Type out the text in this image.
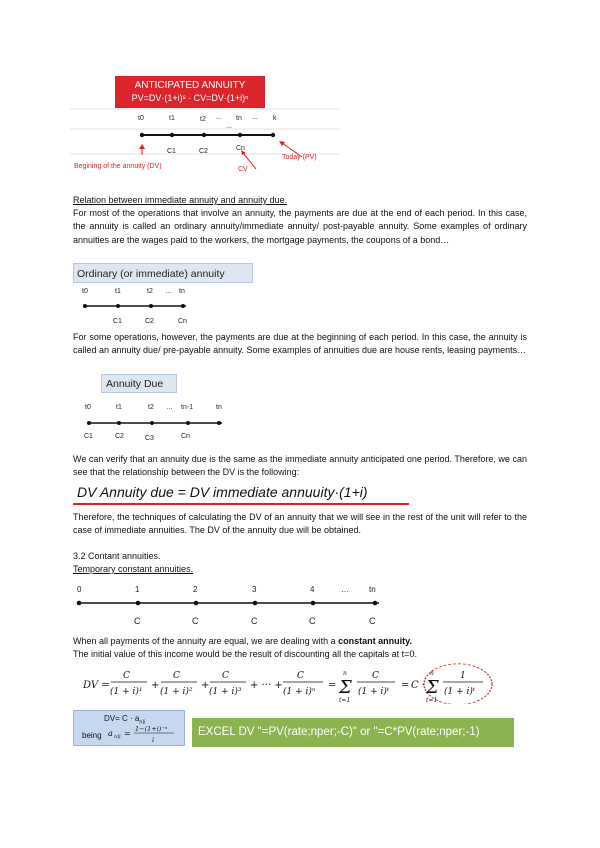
ANTICIPATED ANNUITY
PV=DV·(1+i)ˢ · CV=DV·(1+i)ⁿ
t0	t1	t2 ... tn ... k
...
C1	C2	Cn
Today (PV)
Begining of the annuity (DV)	CV
Relation between immediate annuity and annuity due.
For most of the operations that involve an annuity, the payments are due at the end of each period. In this case, the annuity is called an ordinary annuity/immediate annuity/ post-payable annuity. Some examples of ordinary annuities are the wages paid to the workers, the mortgage payments, the coupons of a bond…
Ordinary (or immediate) annuity
t0	t1	t2 … tn
C1	C2	Cn
For some operations, however, the payments are due at the beginning of each period. In this case, the annuity is called an annuity due/ pre-payable annuity. Some examples of annuities due are house rents, leasing payments…
Annuity Due
t0	t1	t2 … tn-1	tn
C1	C2	C3	Cn
We can verify that an annuity due is the same as the immediate annuity anticipated one period. Therefore, we can see that the relationship between the DV is the following:
DV Annuity due = DV immediate annuuity·(1+i)
Therefore, the techniques of calculating the DV of an annuity that we will see in the rest of the unit will refer to the case of immediate annuities. The DV of the annuity due will be obtained.
3.2 Contant annuities.
Temporary constant annuities.
0	1	2	3	4	…	tn
C	C	C	C	C
When all payments of the annuity are equal, we are dealing with a constant annuity.
The initial value of this income would be the result of discounting all the capitals at t=0.
DV =
C
(1 + i)¹
+
C
(1 + i)²
+
C
(1 + i)³
+ ··· +
C
(1 + i)ⁿ
= Σ
n
t=1
C
(1 + i)ᵗ
= C · Σ
n
t=1
1
(1 + i)ᵗ
$DV= C \cdot a_{n⌉i}$
being a n⌉i = 1−(1+i)⁻ⁿ
i
EXCEL DV "=PV(rate;nper;-C)" or "=C*PV(rate;nper;-1)
